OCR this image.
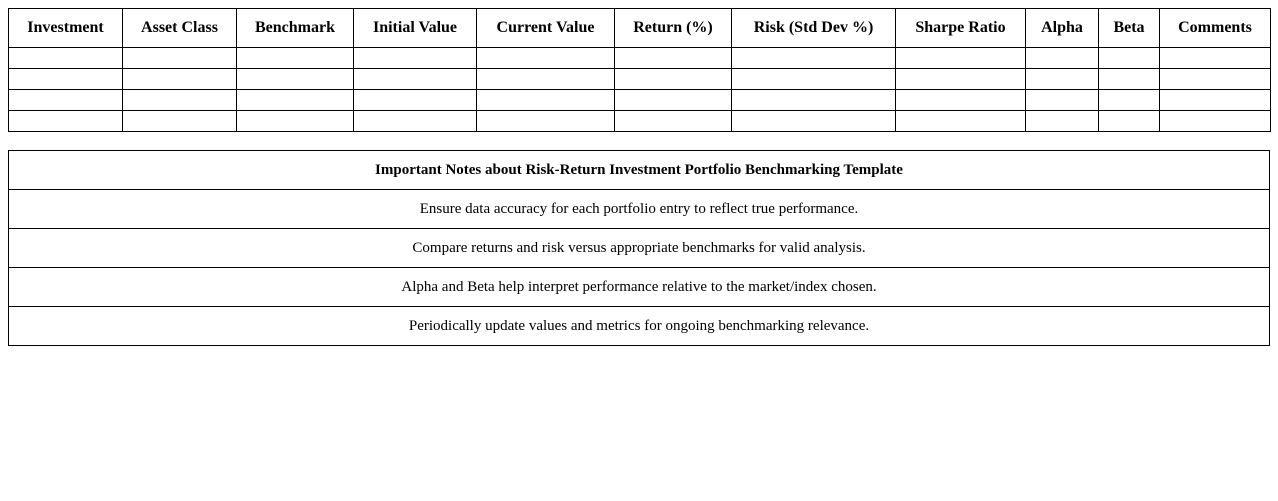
Investment	Asset Class	Benchmark	Initial Value	Current Value	Return (%)	Risk (Std Dev %)	Sharpe Ratio	Alpha	Beta	Comments

Important Notes about Risk-Return Investment Portfolio Benchmarking Template
Ensure data accuracy for each portfolio entry to reflect true performance.
Compare returns and risk versus appropriate benchmarks for valid analysis.
Alpha and Beta help interpret performance relative to the market/index chosen.
Periodically update values and metrics for ongoing benchmarking relevance.
